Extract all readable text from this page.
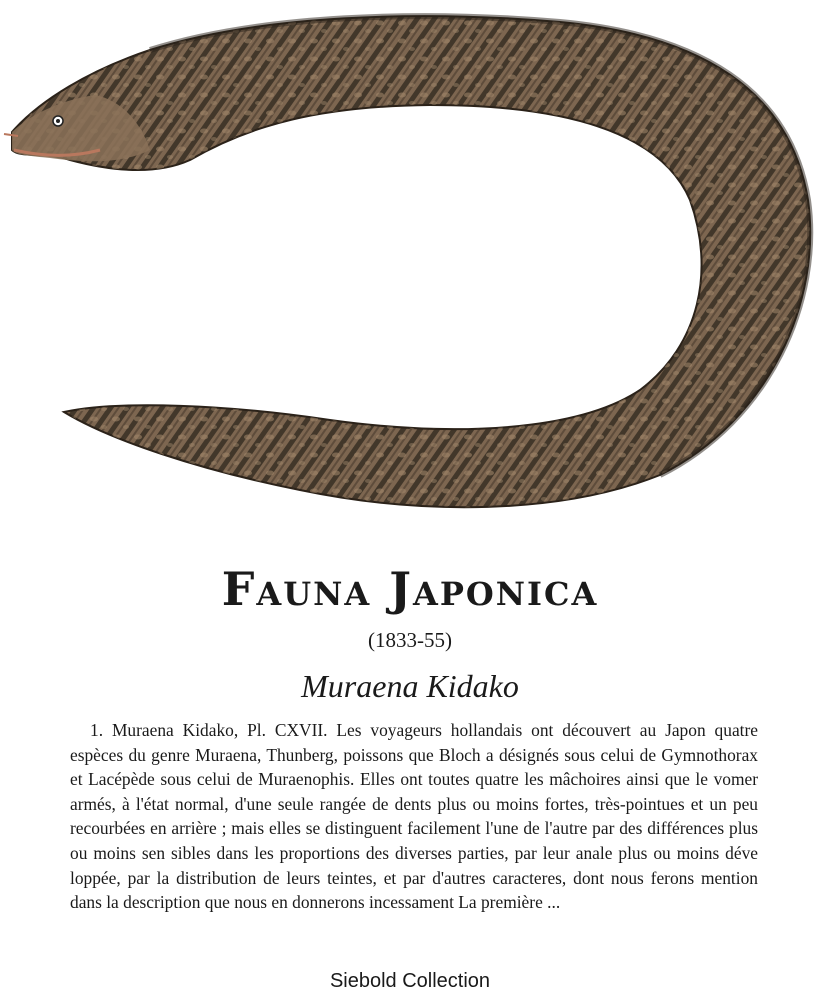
Fauna Japonica
(1833-55)
Muraena Kidako

1. Muraena Kidako, Pl. CXVII. Les voyageurs hollandais ont découvert au Japon quatre espèces du genre Muraena, Thunberg, poissons que Bloch a désignés sous celui de Gymnothorax et Lacépède sous celui de Muraenophis. Elles ont toutes quatre les mâchoires ainsi que le vomer armés, à l'état normal, d'une seule rangée de dents plus ou moins fortes, très-pointues et un peu recourbées en arrière ; mais elles se distinguent facilement l'une de l'autre par des différences plus ou moins sen sibles dans les proportions des diverses parties, par leur anale plus ou moins déve loppée, par la distribution de leurs teintes, et par d'autres caracteres, dont nous ferons mention dans la description que nous en donnerons incessament La première ...

Siebold Collection
